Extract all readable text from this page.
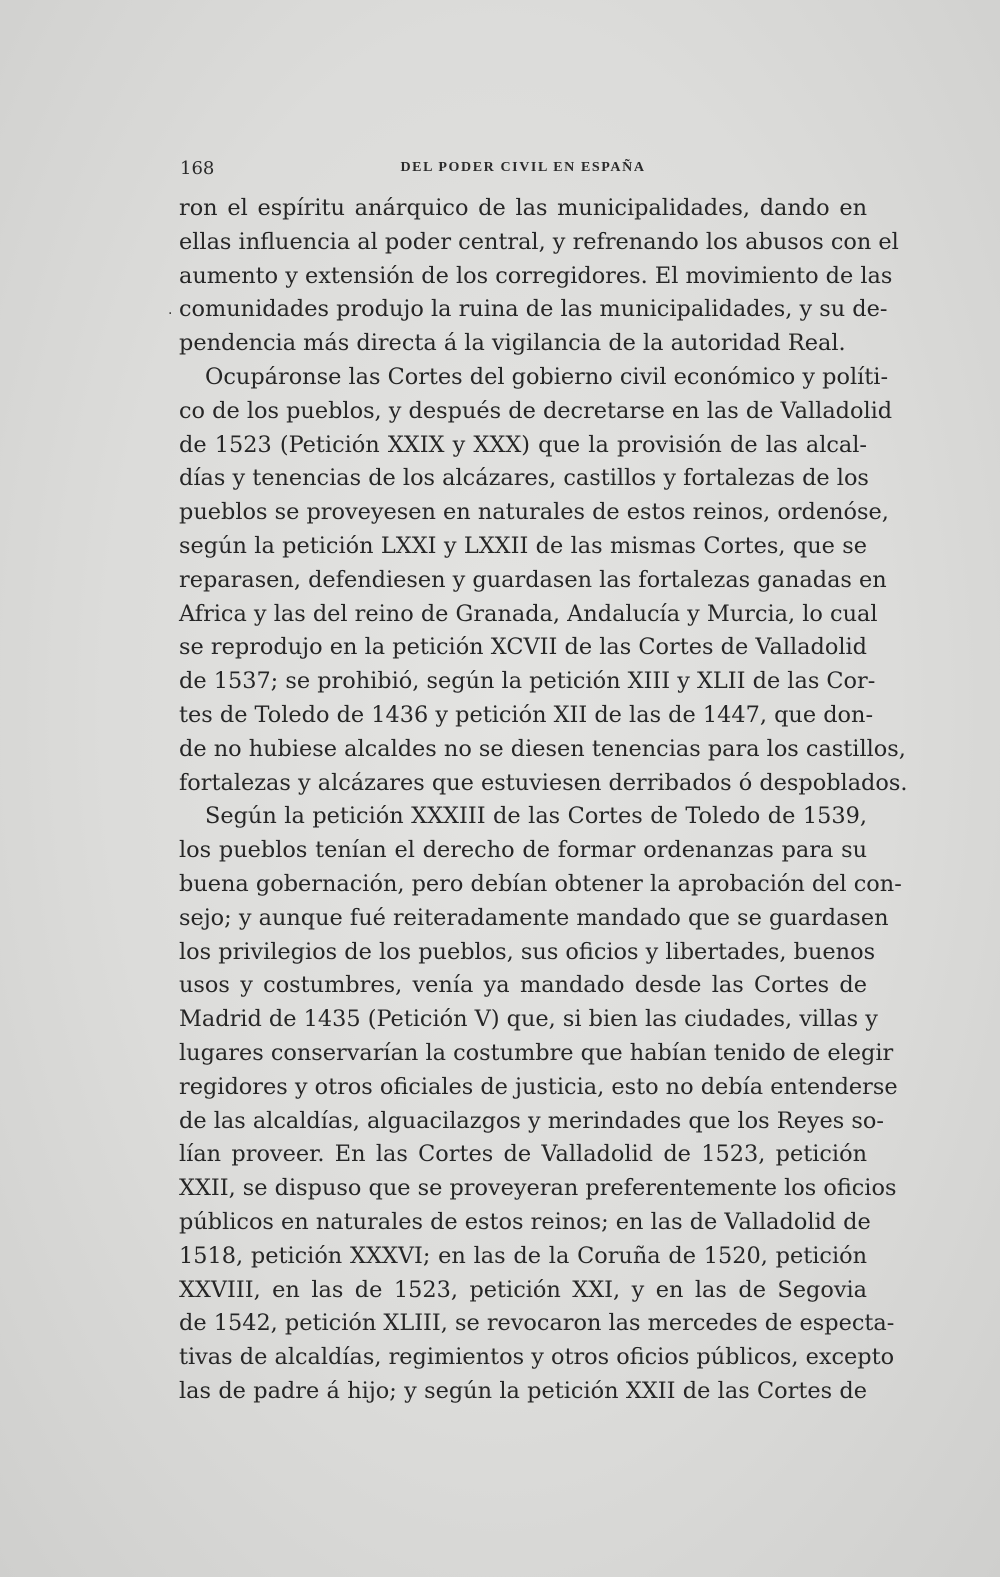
168	DEL PODER CIVIL EN ESPAÑA
·
ron el espíritu anárquico de las municipalidades, dando en
ellas influencia al poder central, y refrenando los abusos con el
aumento y extensión de los corregidores. El movimiento de las
comunidades produjo la ruina de las municipalidades, y su de-
pendencia más directa á la vigilancia de la autoridad Real.
Ocupáronse las Cortes del gobierno civil económico y políti-
co de los pueblos, y después de decretarse en las de Valladolid
de 1523 (Petición XXIX y XXX) que la provisión de las alcal-
días y tenencias de los alcázares, castillos y fortalezas de los
pueblos se proveyesen en naturales de estos reinos, ordenóse,
según la petición LXXI y LXXII de las mismas Cortes, que se
reparasen, defendiesen y guardasen las fortalezas ganadas en
Africa y las del reino de Granada, Andalucía y Murcia, lo cual
se reprodujo en la petición XCVII de las Cortes de Valladolid
de 1537; se prohibió, según la petición XIII y XLII de las Cor-
tes de Toledo de 1436 y petición XII de las de 1447, que don-
de no hubiese alcaldes no se diesen tenencias para los castillos,
fortalezas y alcázares que estuviesen derribados ó despoblados.
Según la petición XXXIII de las Cortes de Toledo de 1539,
los pueblos tenían el derecho de formar ordenanzas para su
buena gobernación, pero debían obtener la aprobación del con-
sejo; y aunque fué reiteradamente mandado que se guardasen
los privilegios de los pueblos, sus oficios y libertades, buenos
usos y costumbres, venía ya mandado desde las Cortes de
Madrid de 1435 (Petición V) que, si bien las ciudades, villas y
lugares conservarían la costumbre que habían tenido de elegir
regidores y otros oficiales de justicia, esto no debía entenderse
de las alcaldías, alguacilazgos y merindades que los Reyes so-
lían proveer. En las Cortes de Valladolid de 1523, petición
XXII, se dispuso que se proveyeran preferentemente los oficios
públicos en naturales de estos reinos; en las de Valladolid de
1518, petición XXXVI; en las de la Coruña de 1520, petición
XXVIII, en las de 1523, petición XXI, y en las de Segovia
de 1542, petición XLIII, se revocaron las mercedes de especta-
tivas de alcaldías, regimientos y otros oficios públicos, excepto
las de padre á hijo; y según la petición XXII de las Cortes de
